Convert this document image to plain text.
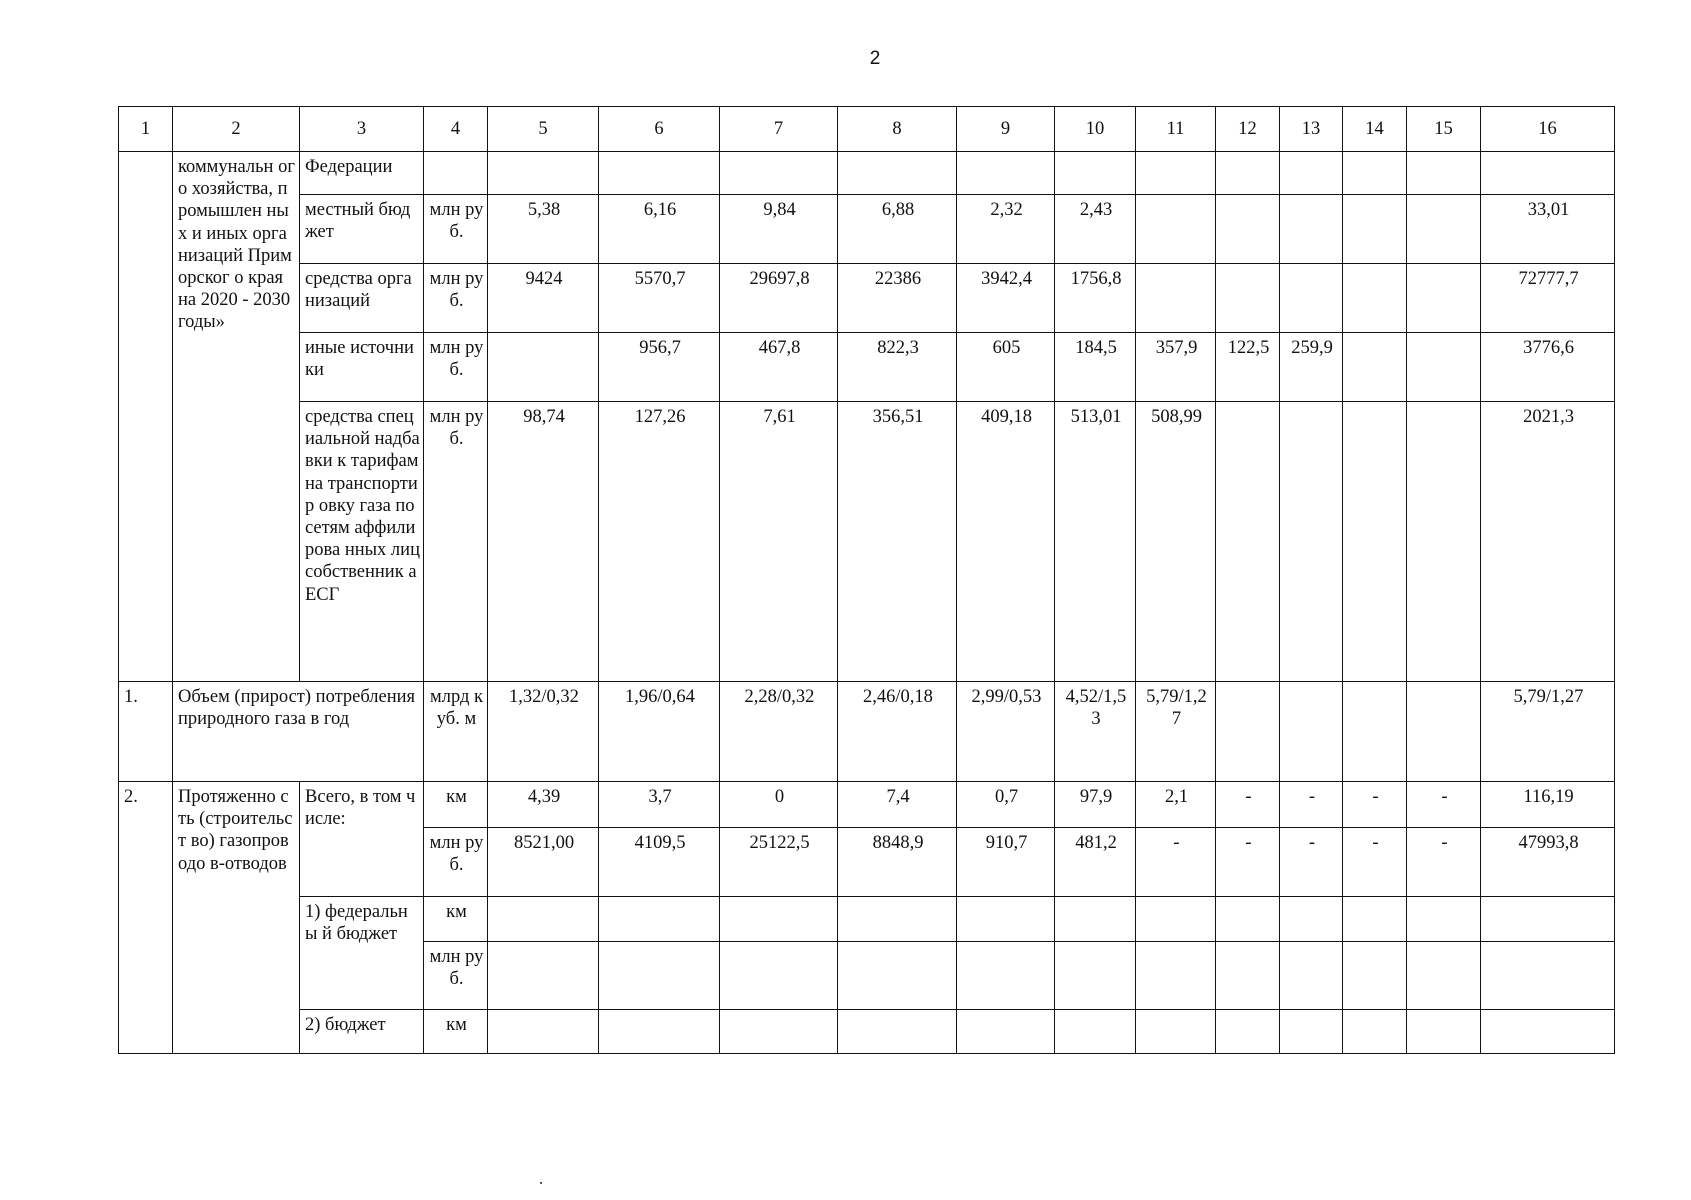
2
1	2	3	4	5	6	7	8	9	10	11	12	13	14	15	16
	коммунальн ого хозяйства, промышлен ных и иных организаций Приморског о края на 2020 - 2030 годы»	Федерации													
		местный бюджет	млн руб.	5,38	6,16	9,84	6,88	2,32	2,43						33,01
		средства организаций	млн руб.	9424	5570,7	29697,8	22386	3942,4	1756,8						72777,7
		иные источники	млн руб.		956,7	467,8	822,3	605	184,5	357,9	122,5	259,9			3776,6
		средства специальной надбавки к тарифам на транспортир овку газа по сетям аффилирова нных лиц собственник а ЕСГ	млн руб.	98,74	127,26	7,61	356,51	409,18	513,01	508,99					2021,3
1.	Объем (прирост) потребления природного газа в год		млрд куб. м	1,32/0,32	1,96/0,64	2,28/0,32	2,46/0,18	2,99/0,53	4,52/1,5 3	5,79/1,2 7					5,79/1,27
2.	Протяженно сть (строительст во) газопроводо в-отводов	Всего, в том числе:	км	4,39	3,7	0	7,4	0,7	97,9	2,1	-	-	-	-	116,19
			млн руб.	8521,00	4109,5	25122,5	8848,9	910,7	481,2	-	-	-	-	-	47993,8
		1) федеральны й бюджет	км												
			млн руб.												
		2) бюджет	км												
